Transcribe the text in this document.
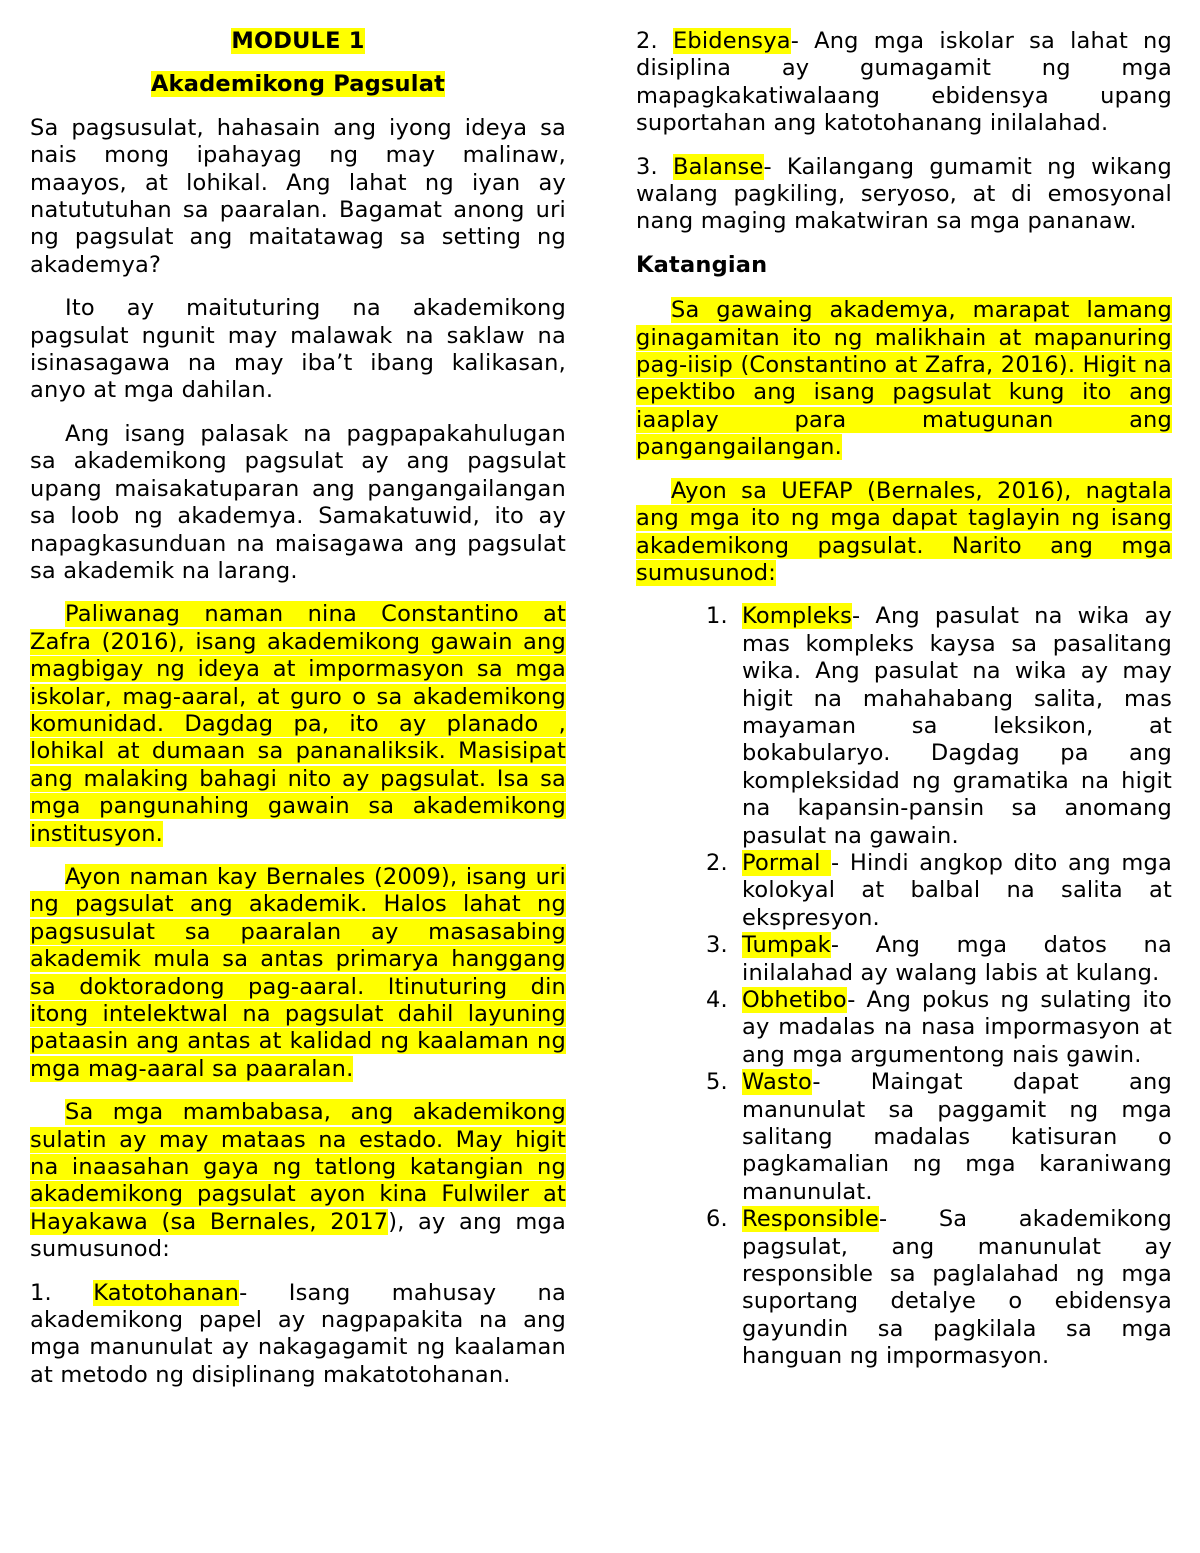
MODULE 1

Akademikong Pagsulat

Sa pagsusulat, hahasain ang iyong ideya sa nais mong ipahayag ng may malinaw, maayos, at lohikal. Ang lahat ng iyan ay natututuhan sa paaralan. Bagamat anong uri ng pagsulat ang maitatawag sa setting ng akademya?

Ito ay maituturing na akademikong pagsulat ngunit may malawak na saklaw na isinasagawa na may iba’t ibang kalikasan, anyo at mga dahilan.

Ang isang palasak na pagpapakahulugan sa akademikong pagsulat ay ang pagsulat upang maisakatuparan ang pangangailangan sa loob ng akademya. Samakatuwid, ito ay napagkasunduan na maisagawa ang pagsulat sa akademik na larang.

Paliwanag naman nina Constantino at Zafra (2016), isang akademikong gawain ang magbigay ng ideya at impormasyon sa mga iskolar, mag-aaral, at guro o sa akademikong komunidad. Dagdag pa, ito ay planado , lohikal at dumaan sa pananaliksik. Masisipat ang malaking bahagi nito ay pagsulat. Isa sa mga pangunahing gawain sa akademikong institusyon.

Ayon naman kay Bernales (2009), isang uri ng pagsulat ang akademik. Halos lahat ng pagsusulat sa paaralan ay masasabing akademik mula sa antas primarya hanggang sa doktoradong pag-aaral. Itinuturing din itong intelektwal na pagsulat dahil layuning pataasin ang antas at kalidad ng kaalaman ng mga mag-aaral sa paaralan.

Sa mga mambabasa, ang akademikong sulatin ay may mataas na estado. May higit na inaasahan gaya ng tatlong katangian ng akademikong pagsulat ayon kina Fulwiler at Hayakawa (sa Bernales, 2017), ay ang mga sumusunod:

1. Katotohanan- Isang mahusay na akademikong papel ay nagpapakita na ang mga manunulat ay nakagagamit ng kaalaman at metodo ng disiplinang makatotohanan.

2. Ebidensya- Ang mga iskolar sa lahat ng disiplina ay gumagamit ng mga mapagkakatiwalaang ebidensya upang suportahan ang katotohanang inilalahad.

3. Balanse- Kailangang gumamit ng wikang walang pagkiling, seryoso, at di emosyonal nang maging makatwiran sa mga pananaw.

Katangian

Sa gawaing akademya, marapat lamang ginagamitan ito ng malikhain at mapanuring pag-iisip (Constantino at Zafra, 2016). Higit na epektibo ang isang pagsulat kung ito ang iaaplay para matugunan ang pangangailangan.

Ayon sa UEFAP (Bernales, 2016), nagtala ang mga ito ng mga dapat taglayin ng isang akademikong pagsulat. Narito ang mga sumusunod:

1. Kompleks- Ang pasulat na wika ay mas kompleks kaysa sa pasalitang wika. Ang pasulat na wika ay may higit na mahahabang salita, mas mayaman sa leksikon, at bokabularyo. Dagdag pa ang kompleksidad ng gramatika na higit na kapansin-pansin sa anomang pasulat na gawain.
2. Pormal - Hindi angkop dito ang mga kolokyal at balbal na salita at ekspresyon.
3. Tumpak- Ang mga datos na inilalahad ay walang labis at kulang.
4. Obhetibo- Ang pokus ng sulating ito ay madalas na nasa impormasyon at ang mga argumentong nais gawin.
5. Wasto- Maingat dapat ang manunulat sa paggamit ng mga salitang madalas katisuran o pagkamalian ng mga karaniwang manunulat.
6. Responsible- Sa akademikong pagsulat, ang manunulat ay responsible sa paglalahad ng mga suportang detalye o ebidensya gayundin sa pagkilala sa mga hanguan ng impormasyon.
